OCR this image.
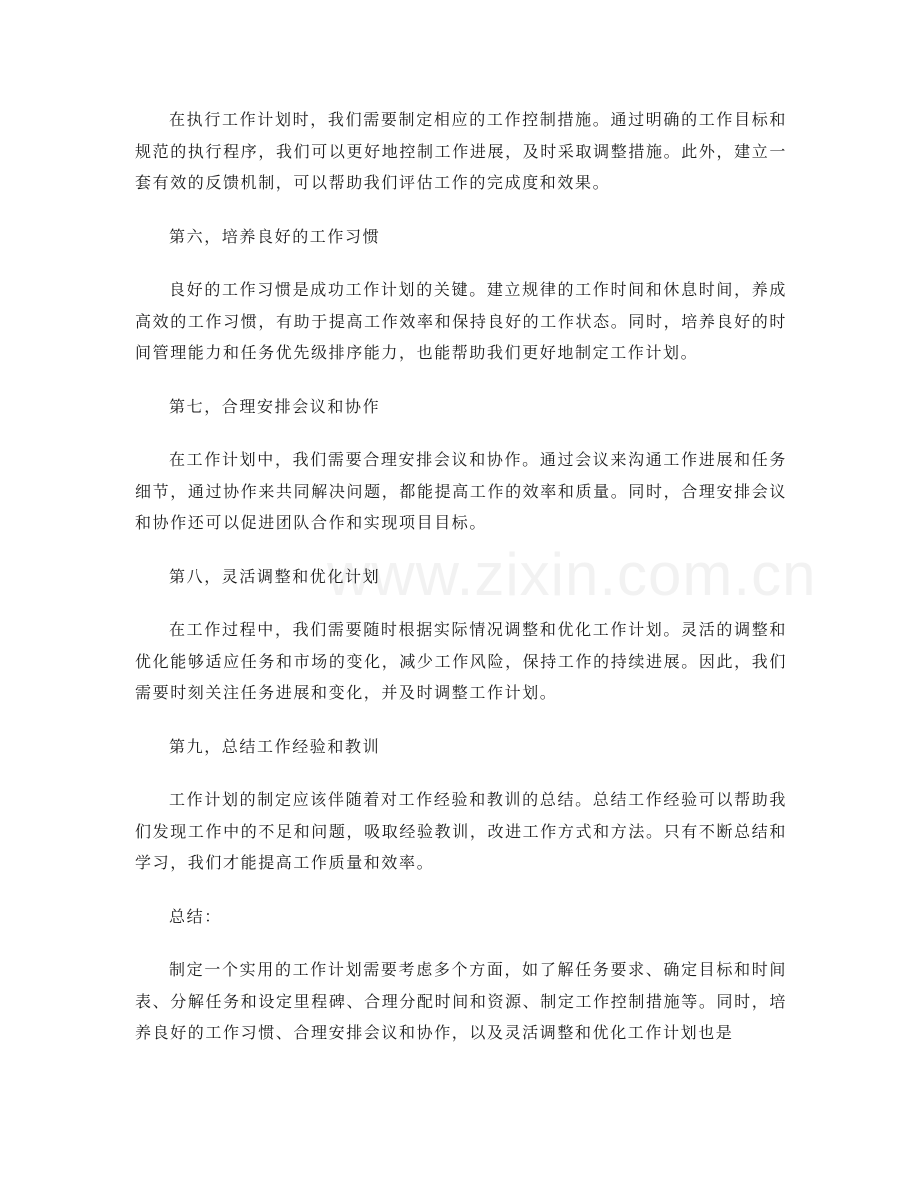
www.zixin.com.cn

在执行工作计划时，我们需要制定相应的工作控制措施。通过明确的工作目标和规范的执行程序，我们可以更好地控制工作进展，及时采取调整措施。此外，建立一套有效的反馈机制，可以帮助我们评估工作的完成度和效果。

第六，培养良好的工作习惯

良好的工作习惯是成功工作计划的关键。建立规律的工作时间和休息时间，养成高效的工作习惯，有助于提高工作效率和保持良好的工作状态。同时，培养良好的时间管理能力和任务优先级排序能力，也能帮助我们更好地制定工作计划。

第七，合理安排会议和协作

在工作计划中，我们需要合理安排会议和协作。通过会议来沟通工作进展和任务细节，通过协作来共同解决问题，都能提高工作的效率和质量。同时，合理安排会议和协作还可以促进团队合作和实现项目目标。

第八，灵活调整和优化计划

在工作过程中，我们需要随时根据实际情况调整和优化工作计划。灵活的调整和优化能够适应任务和市场的变化，减少工作风险，保持工作的持续进展。因此，我们需要时刻关注任务进展和变化，并及时调整工作计划。

第九，总结工作经验和教训

工作计划的制定应该伴随着对工作经验和教训的总结。总结工作经验可以帮助我们发现工作中的不足和问题，吸取经验教训，改进工作方式和方法。只有不断总结和学习，我们才能提高工作质量和效率。

总结：

制定一个实用的工作计划需要考虑多个方面，如了解任务要求、确定目标和时间表、分解任务和设定里程碑、合理分配时间和资源、制定工作控制措施等。同时，培养良好的工作习惯、合理安排会议和协作，以及灵活调整和优化工作计划也是
